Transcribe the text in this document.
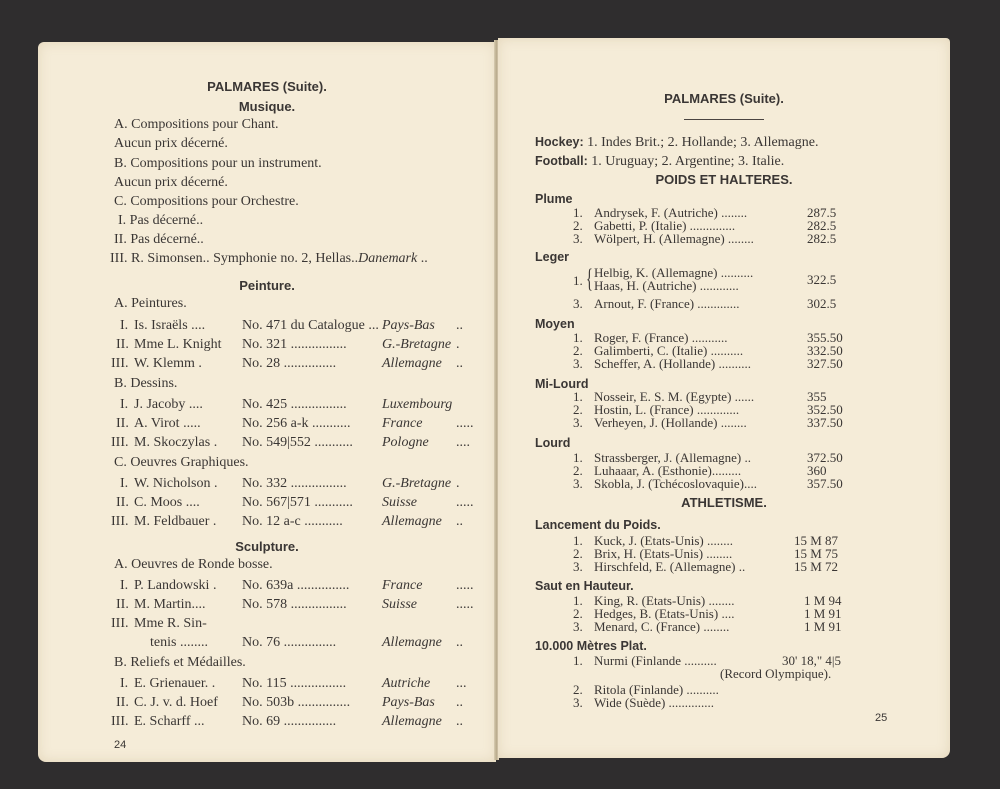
PALMARES (Suite).
Musique.
A. Compositions pour Chant.
Aucun prix décerné.
B. Compositions pour un instrument.
Aucun prix décerné.
C. Compositions pour Orchestre.
I. Pas décerné..
II. Pas décerné..
III. R. Simonsen.. Symphonie no. 2, Hellas..Danemark ..
Peinture.
A. Peintures.
I. Is. Israëls ....	No. 471 du Catalogue ... Pays-Bas ..
II. Mme L. Knight No. 321 ................	G.-Bretagne .
III. W. Klemm .	No. 28 ...............	Allemagne ..
B. Dessins.
I. J. Jacoby ....	No. 425 ................	Luxembourg
II. A. Virot .....	No. 256 a-k ........... France .....
III. M. Skoczylas . No. 549|552 ........... Pologne ....
C. Oeuvres Graphiques.
I. W. Nicholson . No. 332 ................	G.-Bretagne .
II. C. Moos ....	No. 567|571 ........... Suisse	.....
III. M. Feldbauer . No. 12 a-c ...........	Allemagne ..
Sculpture.
A. Oeuvres de Ronde bosse.
I. P. Landowski . No. 639a ............... France .....
II. M. Martin....	No. 578 ................	Suisse	.....
III. Mme R. Sin-
tenis ........ No. 76 ...............	Allemagne ..
B. Reliefs et Médailles.
I. E. Grienauer. . No. 115 ................	Autriche ...
II. C. J. v. d. Hoef No. 503b ............... Pays-Bas ..
III. E. Scharff ...	No. 69 ...............	Allemagne ..
24
PALMARES (Suite).
Hockey: 1. Indes Brit.; 2. Hollande; 3. Allemagne.
Football: 1. Uruguay; 2. Argentine; 3. Italie.
POIDS ET HALTERES.
Plume
1. Andrysek, F. (Autriche) ........	287.5
2. Gabetti, P. (Italie) ..............	282.5
3. Wölpert, H. (Allemagne) ........	282.5
Leger
1. { Helbig, K. (Allemagne) ..........
Haas, H. (Autriche) ............	322.5
3. Arnout, F. (France) .............	302.5
Moyen
1. Roger, F. (France) ...........	355.50
2. Galimberti, C. (Italie) ..........	332.50
3. Scheffer, A. (Hollande) ..........	327.50
Mi-Lourd
1. Nosseir, E. S. M. (Egypte) ......	355
2. Hostin, L. (France) .............	352.50
3. Verheyen, J. (Hollande) ........	337.50
Lourd
1. Strassberger, J. (Allemagne) ..	372.50
2. Luhaaar, A. (Esthonie).........	360
3. Skobla, J. (Tchécoslovaquie)....	357.50
ATHLETISME.
Lancement du Poids.
1. Kuck, J. (Etats-Unis) ........	15 M 87
2. Brix, H. (Etats-Unis) ........	15 M 75
3. Hirschfeld, E. (Allemagne) ..	15 M 72
Saut en Hauteur.
1. King, R. (Etats-Unis) ........	1 M 94
2. Hedges, B. (Etats-Unis) ....	1 M 91
3. Menard, C. (France) ........	1 M 91
10.000 Mètres Plat.
1. Nurmi (Finlande ..........	30' 18," 4|5
(Record Olympique).
2. Ritola (Finlande) ..........
3. Wide (Suède) ..............
25
